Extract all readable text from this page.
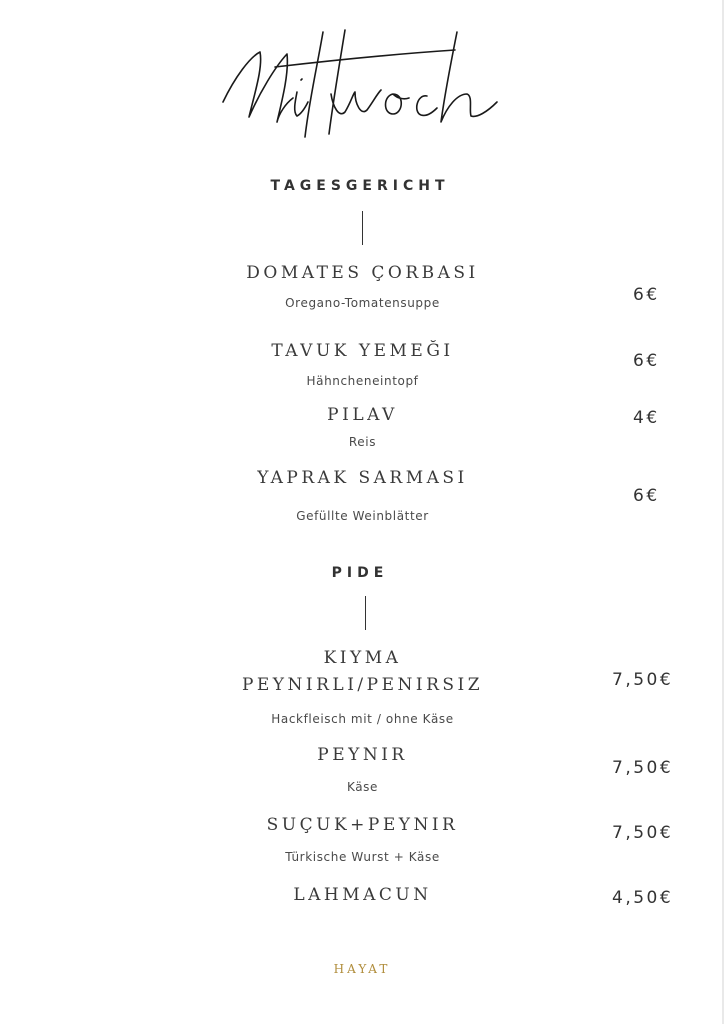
TAGESGERICHT
DOMATES ÇORBASI
Oregano-Tomatensuppe	6€
TAVUK YEMEĞI
Hähncheneintopf
6€
PILAV
Reis
4€
YAPRAK SARMASI
Gefüllte Weinblätter
6€
PIDE
KIYMA
PEYNIRLI/PENIRSIZ
Hackfleisch mit / ohne Käse
7,50€
PEYNIR
Käse
7,50€
SUÇUK+PEYNIR
Türkische Wurst + Käse
7,50€
LAHMACUN	4,50€
HAYAT
